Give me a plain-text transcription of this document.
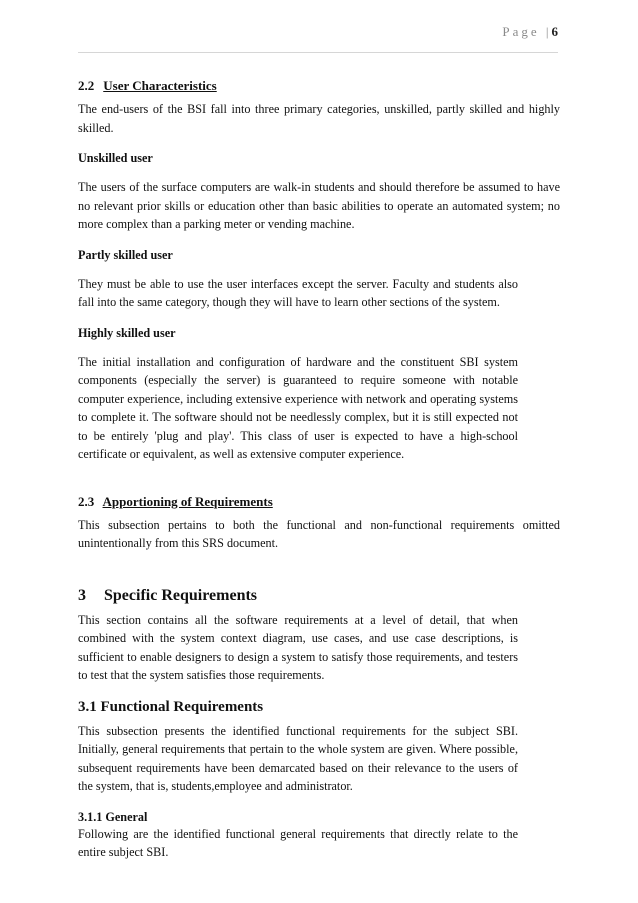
Page |6
2.2 User Characteristics

The end-users of the BSI fall into three primary categories, unskilled, partly skilled and highly skilled.

Unskilled user

The users of the surface computers are walk-in students and should therefore be assumed to have no relevant prior skills or education other than basic abilities to operate an automated system; no more complex than a parking meter or vending machine.

Partly skilled user

They must be able to use the user interfaces except the server. Faculty and students also fall into the same category, though they will have to learn other sections of the system.

Highly skilled user

The initial installation and configuration of hardware and the constituent SBI system components (especially the server) is guaranteed to require someone with notable computer experience, including extensive experience with network and operating systems to complete it. The software should not be needlessly complex, but it is still expected not to be entirely 'plug and play'. This class of user is expected to have a high-school certificate or equivalent, as well as extensive computer experience.

2.3 Apportioning of Requirements

This subsection pertains to both the functional and non-functional requirements omitted unintentionally from this SRS document.

3 Specific Requirements

This section contains all the software requirements at a level of detail, that when combined with the system context diagram, use cases, and use case descriptions, is sufficient to enable designers to design a system to satisfy those requirements, and testers to test that the system satisfies those requirements.

3.1 Functional Requirements

This subsection presents the identified functional requirements for the subject SBI. Initially, general requirements that pertain to the whole system are given. Where possible, subsequent requirements have been demarcated based on their relevance to the users of the system, that is, students,employee and administrator.

3.1.1 General

Following are the identified functional general requirements that directly relate to the entire subject SBI.
